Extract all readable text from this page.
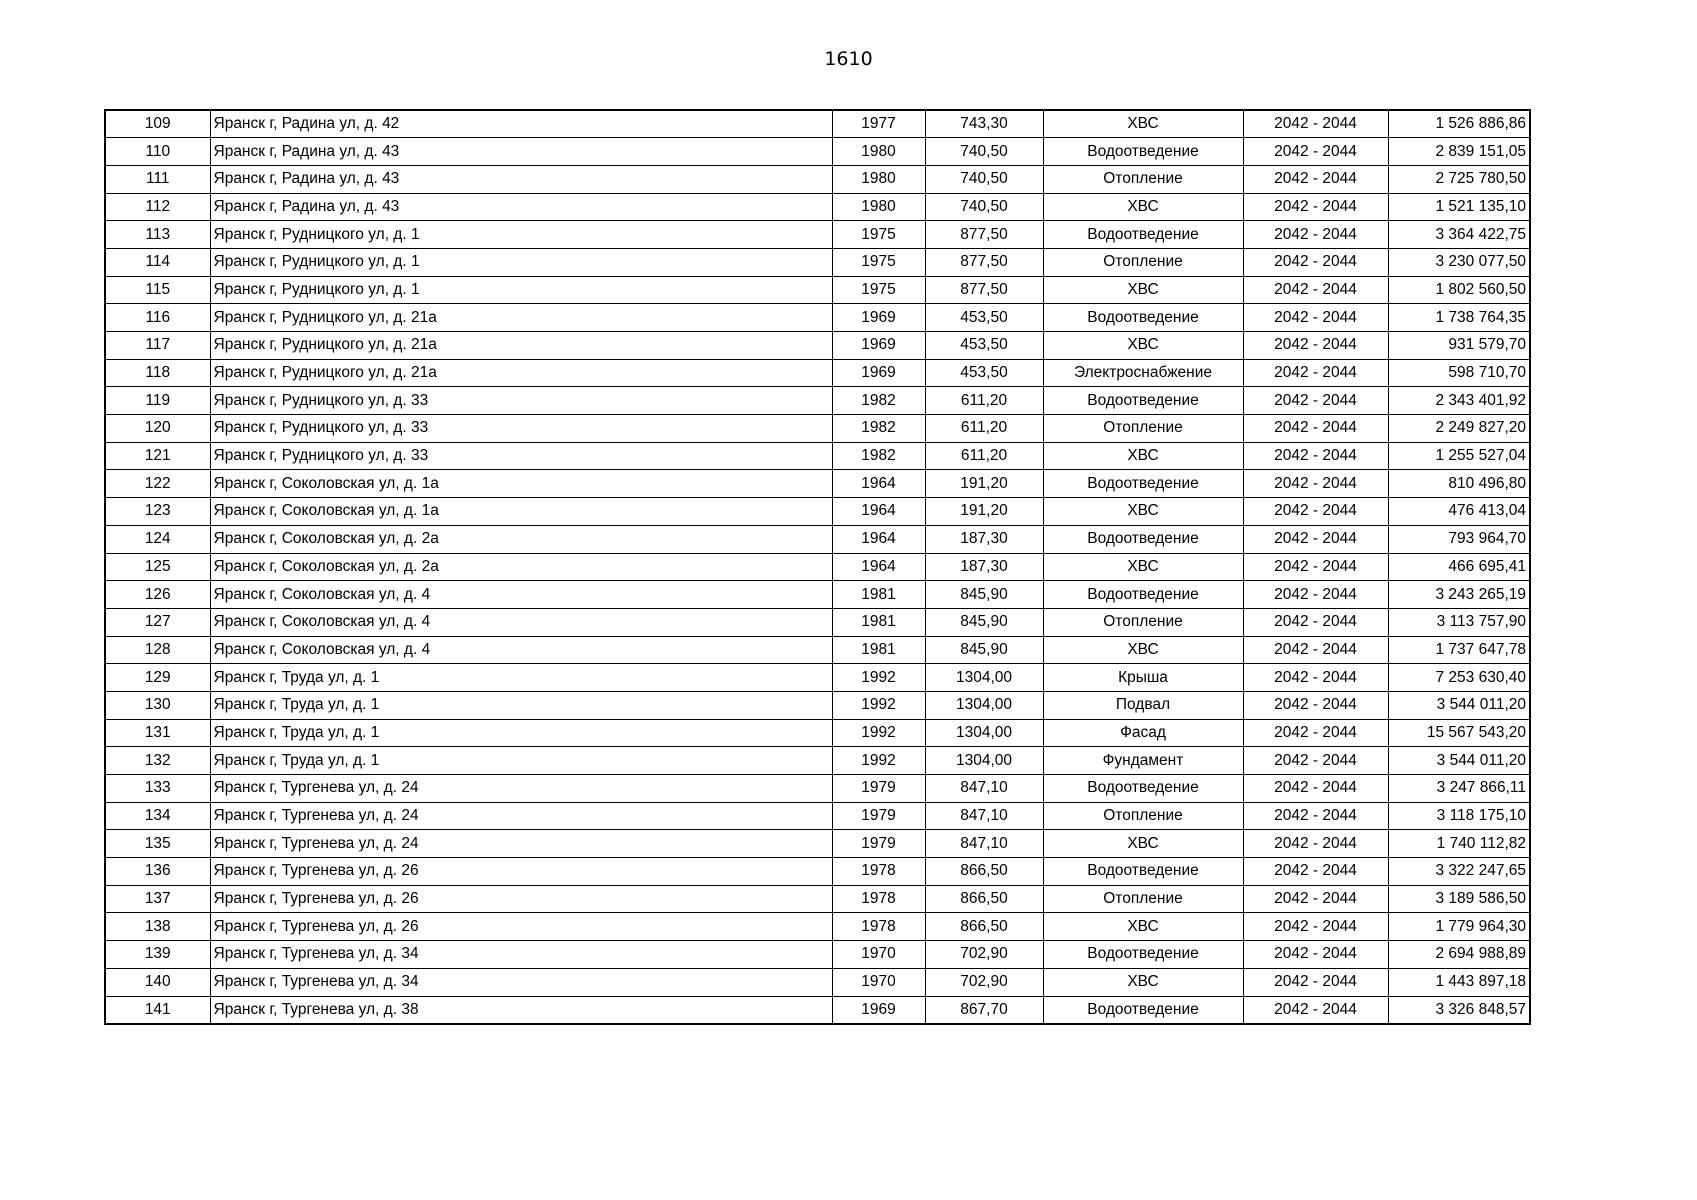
1610
109	Яранск г, Радина ул, д. 42	1977	743,30	ХВС	2042 - 2044	1 526 886,86
110	Яранск г, Радина ул, д. 43	1980	740,50	Водоотведение	2042 - 2044	2 839 151,05
111	Яранск г, Радина ул, д. 43	1980	740,50	Отопление	2042 - 2044	2 725 780,50
112	Яранск г, Радина ул, д. 43	1980	740,50	ХВС	2042 - 2044	1 521 135,10
113	Яранск г, Рудницкого ул, д. 1	1975	877,50	Водоотведение	2042 - 2044	3 364 422,75
114	Яранск г, Рудницкого ул, д. 1	1975	877,50	Отопление	2042 - 2044	3 230 077,50
115	Яранск г, Рудницкого ул, д. 1	1975	877,50	ХВС	2042 - 2044	1 802 560,50
116	Яранск г, Рудницкого ул, д. 21а	1969	453,50	Водоотведение	2042 - 2044	1 738 764,35
117	Яранск г, Рудницкого ул, д. 21а	1969	453,50	ХВС	2042 - 2044	931 579,70
118	Яранск г, Рудницкого ул, д. 21а	1969	453,50	Электроснабжение	2042 - 2044	598 710,70
119	Яранск г, Рудницкого ул, д. 33	1982	611,20	Водоотведение	2042 - 2044	2 343 401,92
120	Яранск г, Рудницкого ул, д. 33	1982	611,20	Отопление	2042 - 2044	2 249 827,20
121	Яранск г, Рудницкого ул, д. 33	1982	611,20	ХВС	2042 - 2044	1 255 527,04
122	Яранск г, Соколовская ул, д. 1а	1964	191,20	Водоотведение	2042 - 2044	810 496,80
123	Яранск г, Соколовская ул, д. 1а	1964	191,20	ХВС	2042 - 2044	476 413,04
124	Яранск г, Соколовская ул, д. 2а	1964	187,30	Водоотведение	2042 - 2044	793 964,70
125	Яранск г, Соколовская ул, д. 2а	1964	187,30	ХВС	2042 - 2044	466 695,41
126	Яранск г, Соколовская ул, д. 4	1981	845,90	Водоотведение	2042 - 2044	3 243 265,19
127	Яранск г, Соколовская ул, д. 4	1981	845,90	Отопление	2042 - 2044	3 113 757,90
128	Яранск г, Соколовская ул, д. 4	1981	845,90	ХВС	2042 - 2044	1 737 647,78
129	Яранск г, Труда ул, д. 1	1992	1304,00	Крыша	2042 - 2044	7 253 630,40
130	Яранск г, Труда ул, д. 1	1992	1304,00	Подвал	2042 - 2044	3 544 011,20
131	Яранск г, Труда ул, д. 1	1992	1304,00	Фасад	2042 - 2044	15 567 543,20
132	Яранск г, Труда ул, д. 1	1992	1304,00	Фундамент	2042 - 2044	3 544 011,20
133	Яранск г, Тургенева ул, д. 24	1979	847,10	Водоотведение	2042 - 2044	3 247 866,11
134	Яранск г, Тургенева ул, д. 24	1979	847,10	Отопление	2042 - 2044	3 118 175,10
135	Яранск г, Тургенева ул, д. 24	1979	847,10	ХВС	2042 - 2044	1 740 112,82
136	Яранск г, Тургенева ул, д. 26	1978	866,50	Водоотведение	2042 - 2044	3 322 247,65
137	Яранск г, Тургенева ул, д. 26	1978	866,50	Отопление	2042 - 2044	3 189 586,50
138	Яранск г, Тургенева ул, д. 26	1978	866,50	ХВС	2042 - 2044	1 779 964,30
139	Яранск г, Тургенева ул, д. 34	1970	702,90	Водоотведение	2042 - 2044	2 694 988,89
140	Яранск г, Тургенева ул, д. 34	1970	702,90	ХВС	2042 - 2044	1 443 897,18
141	Яранск г, Тургенева ул, д. 38	1969	867,70	Водоотведение	2042 - 2044	3 326 848,57
